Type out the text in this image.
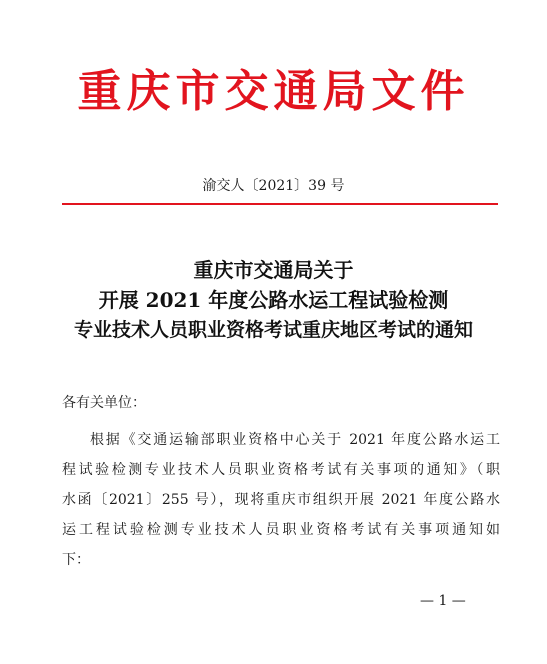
重庆市交通局文件
渝交人〔2021〕39 号
重庆市交通局关于
开展 2021 年度公路水运工程试验检测
专业技术人员职业资格考试重庆地区考试的通知
各有关单位：
根据《交通运输部职业资格中心关于 2021 年度公路水运工
程试验检测专业技术人员职业资格考试有关事项的通知》（职
水函〔2021〕255 号），现将重庆市组织开展 2021 年度公路水
运工程试验检测专业技术人员职业资格考试有关事项通知如
下：
— 1 —
